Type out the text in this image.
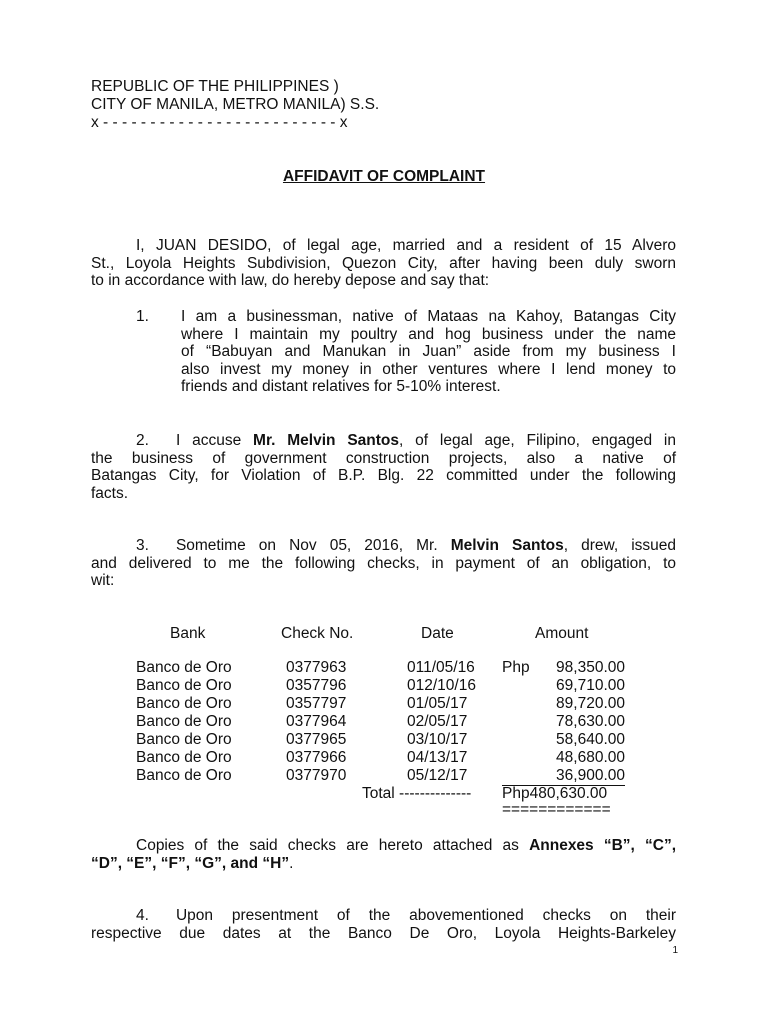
REPUBLIC OF THE PHILIPPINES )
CITY OF MANILA, METRO MANILA) S.S.
x - - - - - - - - - - - - - - - - - - - - - - - - - x
AFFIDAVIT OF COMPLAINT
I, JUAN DESIDO, of legal age, married and a resident of 15 Alvero
St., Loyola Heights Subdivision, Quezon City, after having been duly sworn
to in accordance with law, do hereby depose and say that:
1. I am a businessman, native of Mataas na Kahoy, Batangas City
where I maintain my poultry and hog business under the name
of “Babuyan and Manukan in Juan” aside from my business I
also invest my money in other ventures where I lend money to
friends and distant relatives for 5-10% interest.
2. I accuse Mr. Melvin Santos, of legal age, Filipino, engaged in
the business of government construction projects, also a native of
Batangas City, for Violation of B.P. Blg. 22 committed under the following
facts.
3. Sometime on Nov 05, 2016, Mr. Melvin Santos, drew, issued
and delivered to me the following checks, in payment of an obligation, to
wit:
Bank	Check No.	Date	Amount
Banco de Oro	0377963	011/05/16 Php	98,350.00
Banco de Oro	0357796	012/10/16	69,710.00
Banco de Oro	0357797	01/05/17	89,720.00
Banco de Oro	0377964	02/05/17	78,630.00
Banco de Oro	0377965	03/10/17	58,640.00
Banco de Oro	0377966	04/13/17	48,680.00
Banco de Oro	0377970	05/12/17	36,900.00
Total -------------- Php480,630.00
============
Copies of the said checks are hereto attached as Annexes “B”, “C”,
“D”, “E”, “F”, “G”, and “H”.
4. Upon presentment of the abovementioned checks on their
respective due dates at the Banco De Oro, Loyola Heights-Barkeley
1
